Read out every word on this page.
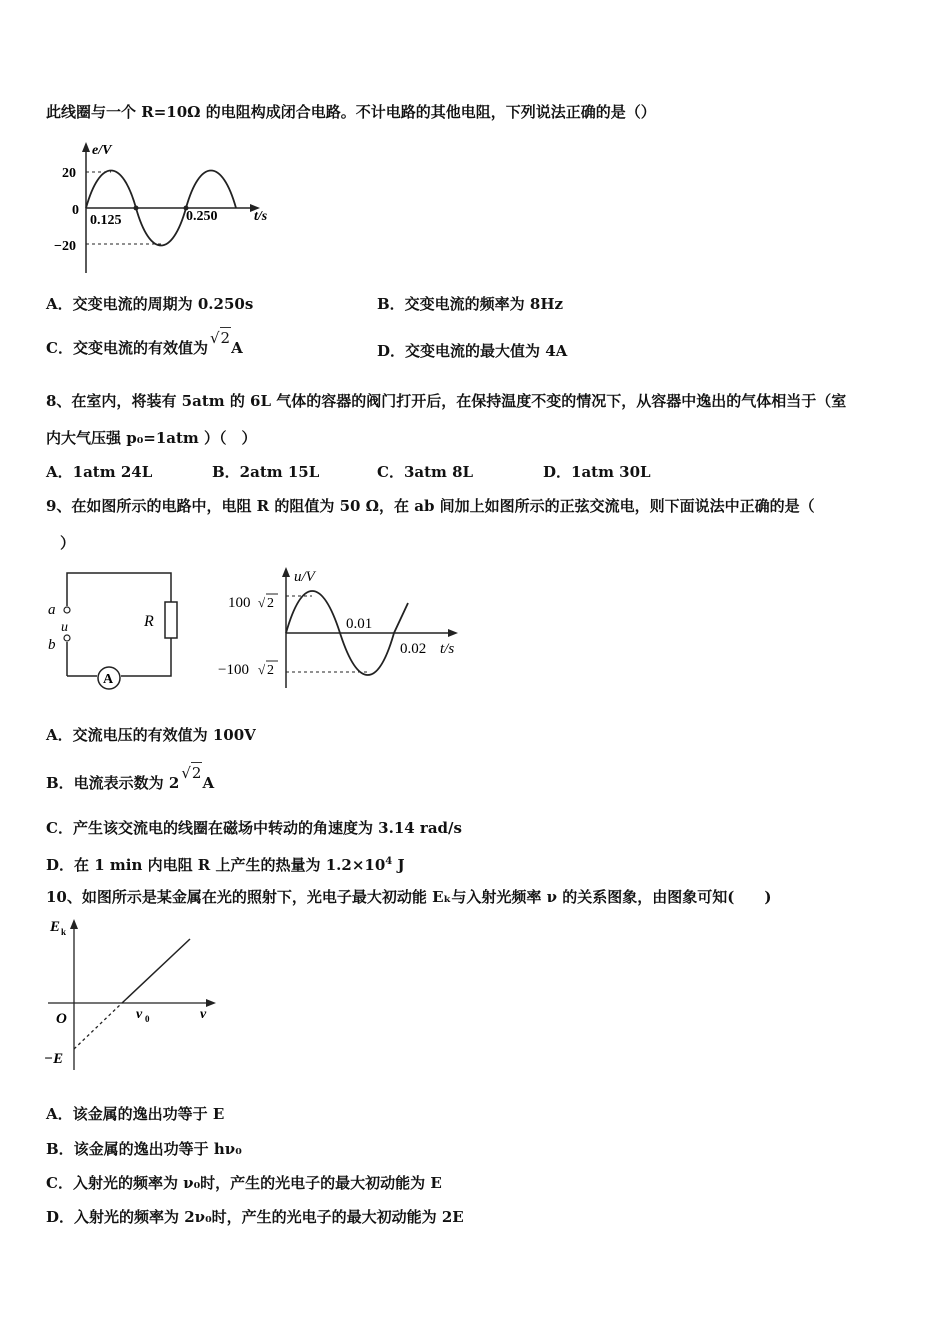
此线圈与一个 R=10Ω 的电阻构成闭合电路。不计电路的其他电阻，下列说法正确的是（）
e/V
20
0
−20
0.125	0.250	t/s
A．交变电流的周期为 0.250s	B．交变电流的频率为 8Hz
C．交变电流的有效值为√2A	D．交变电流的最大值为 4A
8、在室内，将装有 5atm 的 6L 气体的容器的阀门打开后，在保持温度不变的情况下，从容器中逸出的气体相当于（室
内大气压强 p₀=1atm ）（　）
A．1atm 24L	B．2atm 15L	C．3atm 8L	D．1atm 30L
9、在如图所示的电路中，电阻 R 的阻值为 50 Ω，在 ab 间加上如图所示的正弦交流电，则下面说法中正确的是（
）
A
a
u
b
R
u/V
100 √ 2
−100 √ 2
0.01
0.02 t/s
A．交流电压的有效值为 100V
B．电流表示数为 2√2A
C．产生该交流电的线圈在磁场中转动的角速度为 3.14 rad/s
D．在 1 min 内电阻 R 上产生的热量为 $1.2\times 10^4$ J
10、如图所示是某金属在光的照射下，光电子最大初动能 Eₖ与入射光频率 ν 的关系图象，由图象可知(　　)
E k
O	ν 0	ν
−E
A．该金属的逸出功等于 E
B．该金属的逸出功等于 hν₀
C．入射光的频率为 ν₀时，产生的光电子的最大初动能为 E
D．入射光的频率为 2ν₀时，产生的光电子的最大初动能为 2E
